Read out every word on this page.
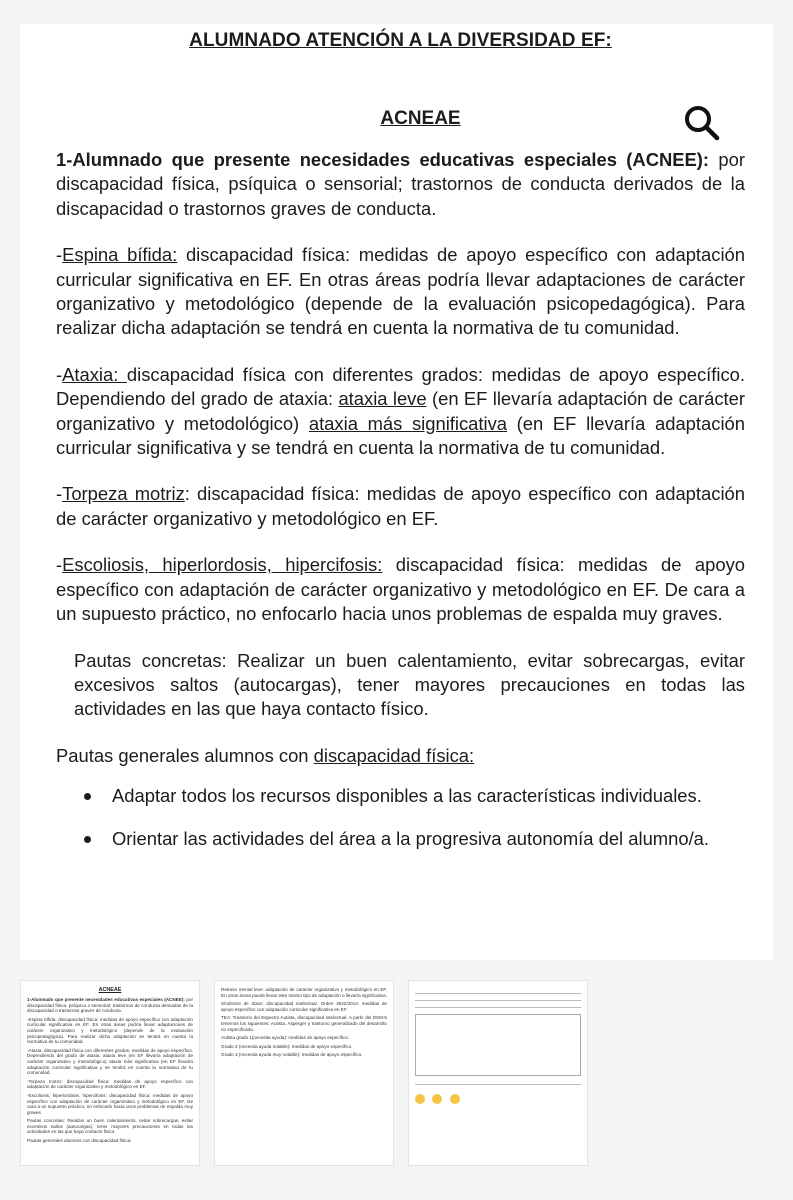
ALUMNADO ATENCIÓN A LA DIVERSIDAD EF:
ACNEAE

1-Alumnado que presente necesidades educativas especiales (ACNEE): por discapacidad física, psíquica o sensorial; trastornos de conducta derivados de la discapacidad o trastornos graves de conducta.

-Espina bífida: discapacidad física: medidas de apoyo específico con adaptación curricular significativa en EF. En otras áreas podría llevar adaptaciones de carácter organizativo y metodológico (depende de la evaluación psicopedagógica). Para realizar dicha adaptación se tendrá en cuenta la normativa de tu comunidad.

-Ataxia: discapacidad física con diferentes grados: medidas de apoyo específico. Dependiendo del grado de ataxia: ataxia leve (en EF llevaría adaptación de carácter organizativo y metodológico) ataxia más significativa (en EF llevaría adaptación curricular significativa y se tendrá en cuenta la normativa de tu comunidad.

-Torpeza motriz: discapacidad física: medidas de apoyo específico con adaptación de carácter organizativo y metodológico en EF.

-Escoliosis, hiperlordosis, hipercifosis: discapacidad física: medidas de apoyo específico con adaptación de carácter organizativo y metodológico en EF. De cara a un supuesto práctico, no enfocarlo hacia unos problemas de espalda muy graves.

Pautas concretas: Realizar un buen calentamiento, evitar sobrecargas, evitar excesivos saltos (autocargas), tener mayores precauciones en todas las actividades en las que haya contacto físico.

Pautas generales alumnos con discapacidad física:

Adaptar todos los recursos disponibles a las características individuales.
Orientar las actividades del área a la progresiva autonomía del alumno/a.
ACNEAE

1-Alumnado que presente necesidades educativas especiales (ACNEE): por discapacidad física, psíquica o sensorial; trastornos de conducta derivados de la discapacidad o trastornos graves de conducta.

-Espina bífida: discapacidad física: medidas de apoyo específico con adaptación curricular significativa en EF. En otras áreas podría llevar adaptaciones de carácter organizativo y metodológico (depende de la evaluación psicopedagógica). Para realizar dicha adaptación se tendrá en cuenta la normativa de tu comunidad.

-Ataxia: discapacidad física con diferentes grados: medidas de apoyo específico. Dependiendo del grado de ataxia: ataxia leve (en EF llevaría adaptación de carácter organizativo y metodológico) ataxia más significativa (en EF llevaría adaptación curricular significativa y se tendrá en cuenta la normativa de tu comunidad.

-Torpeza motriz: discapacidad física: medidas de apoyo específico con adaptación de carácter organizativo y metodológico en EF.

-Escoliosis, hiperlordosis, hipercifosis: discapacidad física: medidas de apoyo específico con adaptación de carácter organizativo y metodológico en EF. De cara a un supuesto práctico, no enfocarlo hacia unos problemas de espalda muy graves.

Pautas concretas: Realizar un buen calentamiento, evitar sobrecargas, evitar excesivos saltos (autocargas), tener mayores precauciones en todas las actividades en las que haya contacto físico.

Pautas generales alumnos con discapacidad física:

Retraso mental leve: adaptación de carácter organizativo y metodológico en EF. En otras áreas puede llevar este mismo tipo de adaptación o llevaría significativa.

Síndrome de down: discapacidad intelectual. Orden 3622/2014: medidas de apoyo específico con adaptación curricular significativa en EF.

TEA: Trastorno del Espectro Autista, discapacidad intelectual. A partir del DSM-5 tenemos los siguientes: Autista, Asperger y trastorno generalizado del desarrollo no especificado.

Autista grado 1(necesita ayuda): medidas de apoyo específico.

Grado 2 (necesita ayuda notable): medidas de apoyo específico.

Grado 3 (necesita ayuda muy notable): medidas de apoyo específico.
